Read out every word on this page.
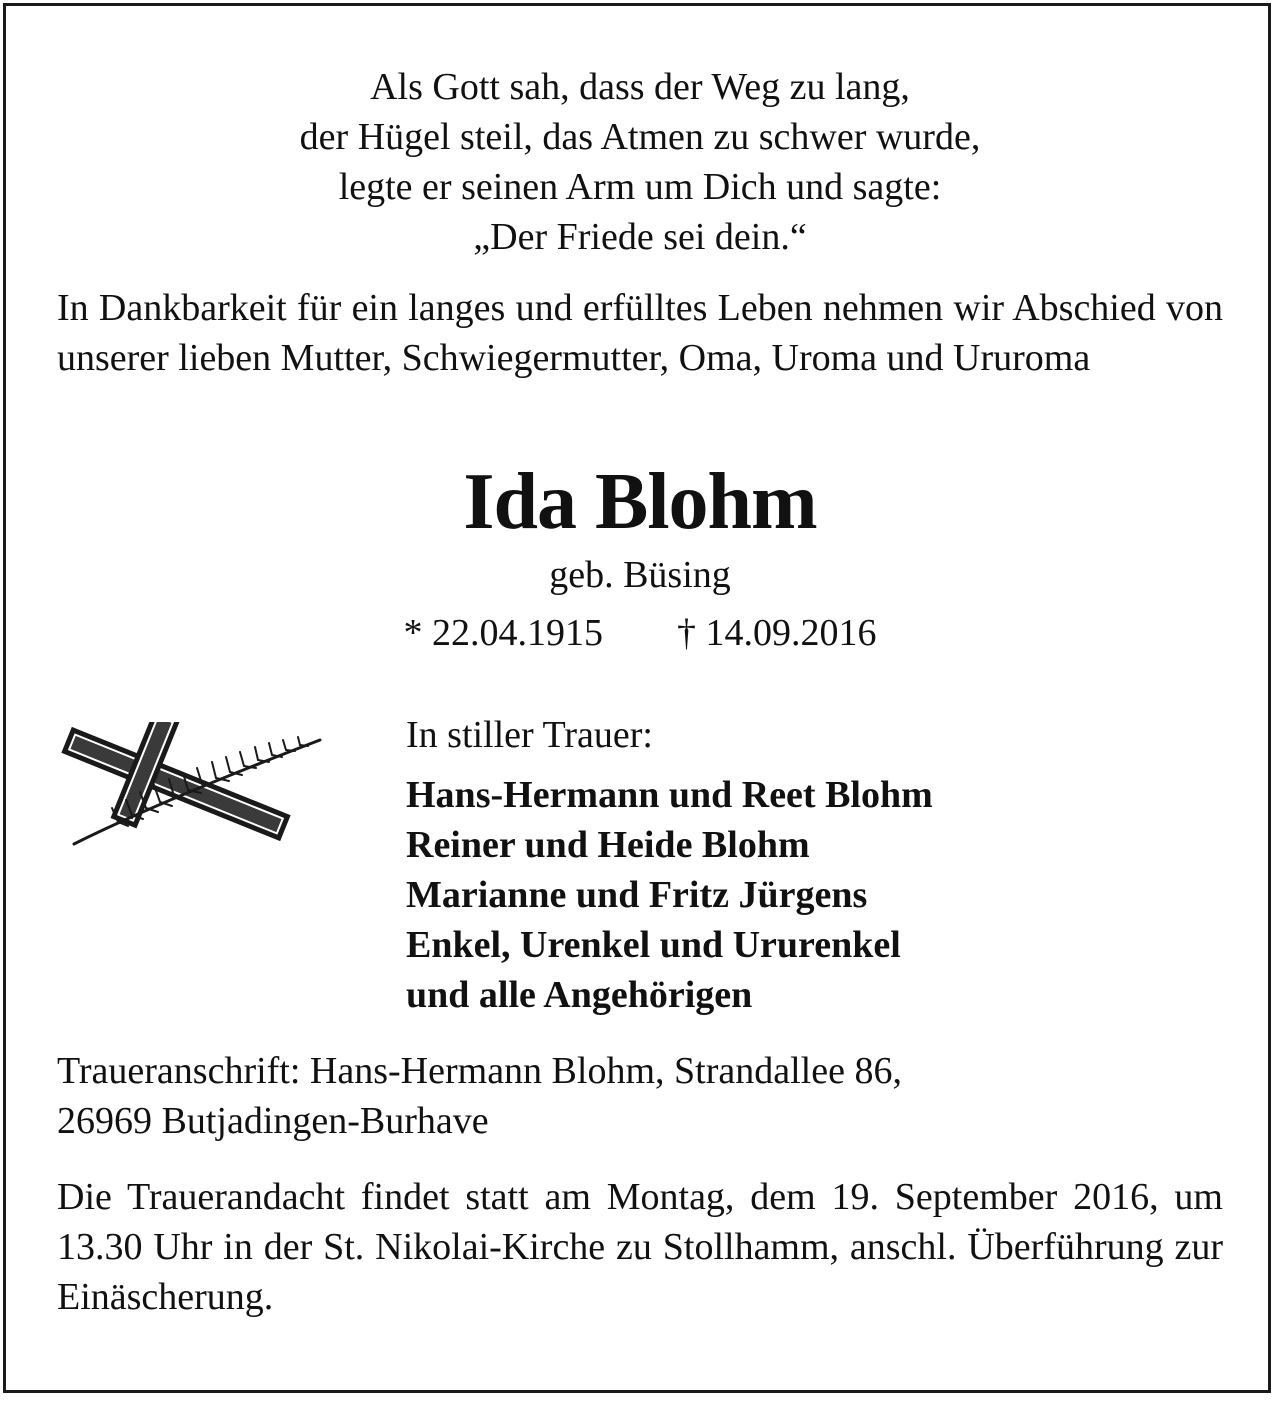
Als Gott sah, dass der Weg zu lang,
der Hügel steil, das Atmen zu schwer wurde,
legte er seinen Arm um Dich und sagte:
„Der Friede sei dein.“
In Dankbarkeit für ein langes und erfülltes Leben nehmen wir Abschied von unserer lieben Mutter, Schwiegermutter, Oma, Uroma und Ururoma
Ida Blohm
geb. Büsing
* 22.04.1915 † 14.09.2016
In stiller Trauer:
Hans-Hermann und Reet Blohm
Reiner und Heide Blohm
Marianne und Fritz Jürgens
Enkel, Urenkel und Ururenkel
und alle Angehörigen
Traueranschrift: Hans-Hermann Blohm, Strandallee 86,
26969 Butjadingen-Burhave
Die Trauerandacht findet statt am Montag, dem 19. September 2016, um 13.30 Uhr in der St. Nikolai-Kirche zu Stollhamm, anschl. Überführung zur Einäscherung.
